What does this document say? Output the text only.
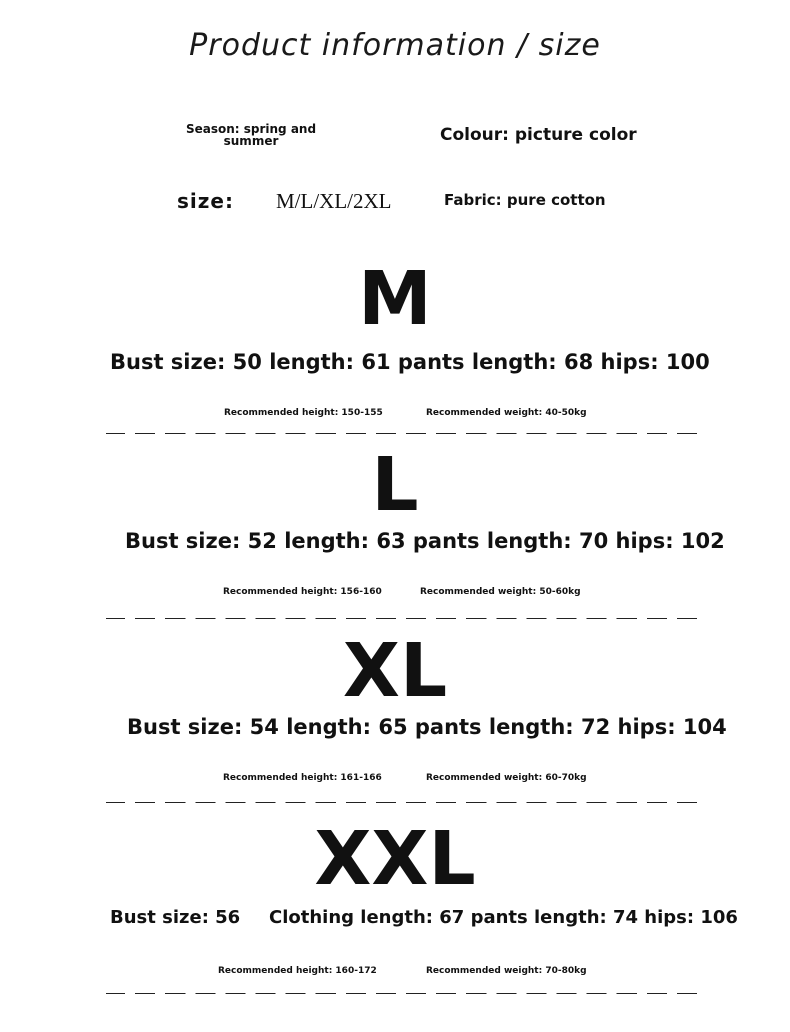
Product information / size
Season: spring and
summer	Colour: picture color
size: M/L/XL/2XL	Fabric: pure cotton
M
Bust size: 50 length: 61 pants length: 68 hips: 100
Recommended height: 150-155	Recommended weight: 40-50kg
L
Bust size: 52 length: 63 pants length: 70 hips: 102
Recommended height: 156-160	Recommended weight: 50-60kg
XL
Bust size: 54 length: 65 pants length: 72 hips: 104
Recommended height: 161-166	Recommended weight: 60-70kg
XXL
Bust size: 56 Clothing length: 67 pants length: 74 hips: 106
Recommended height: 160-172	Recommended weight: 70-80kg
